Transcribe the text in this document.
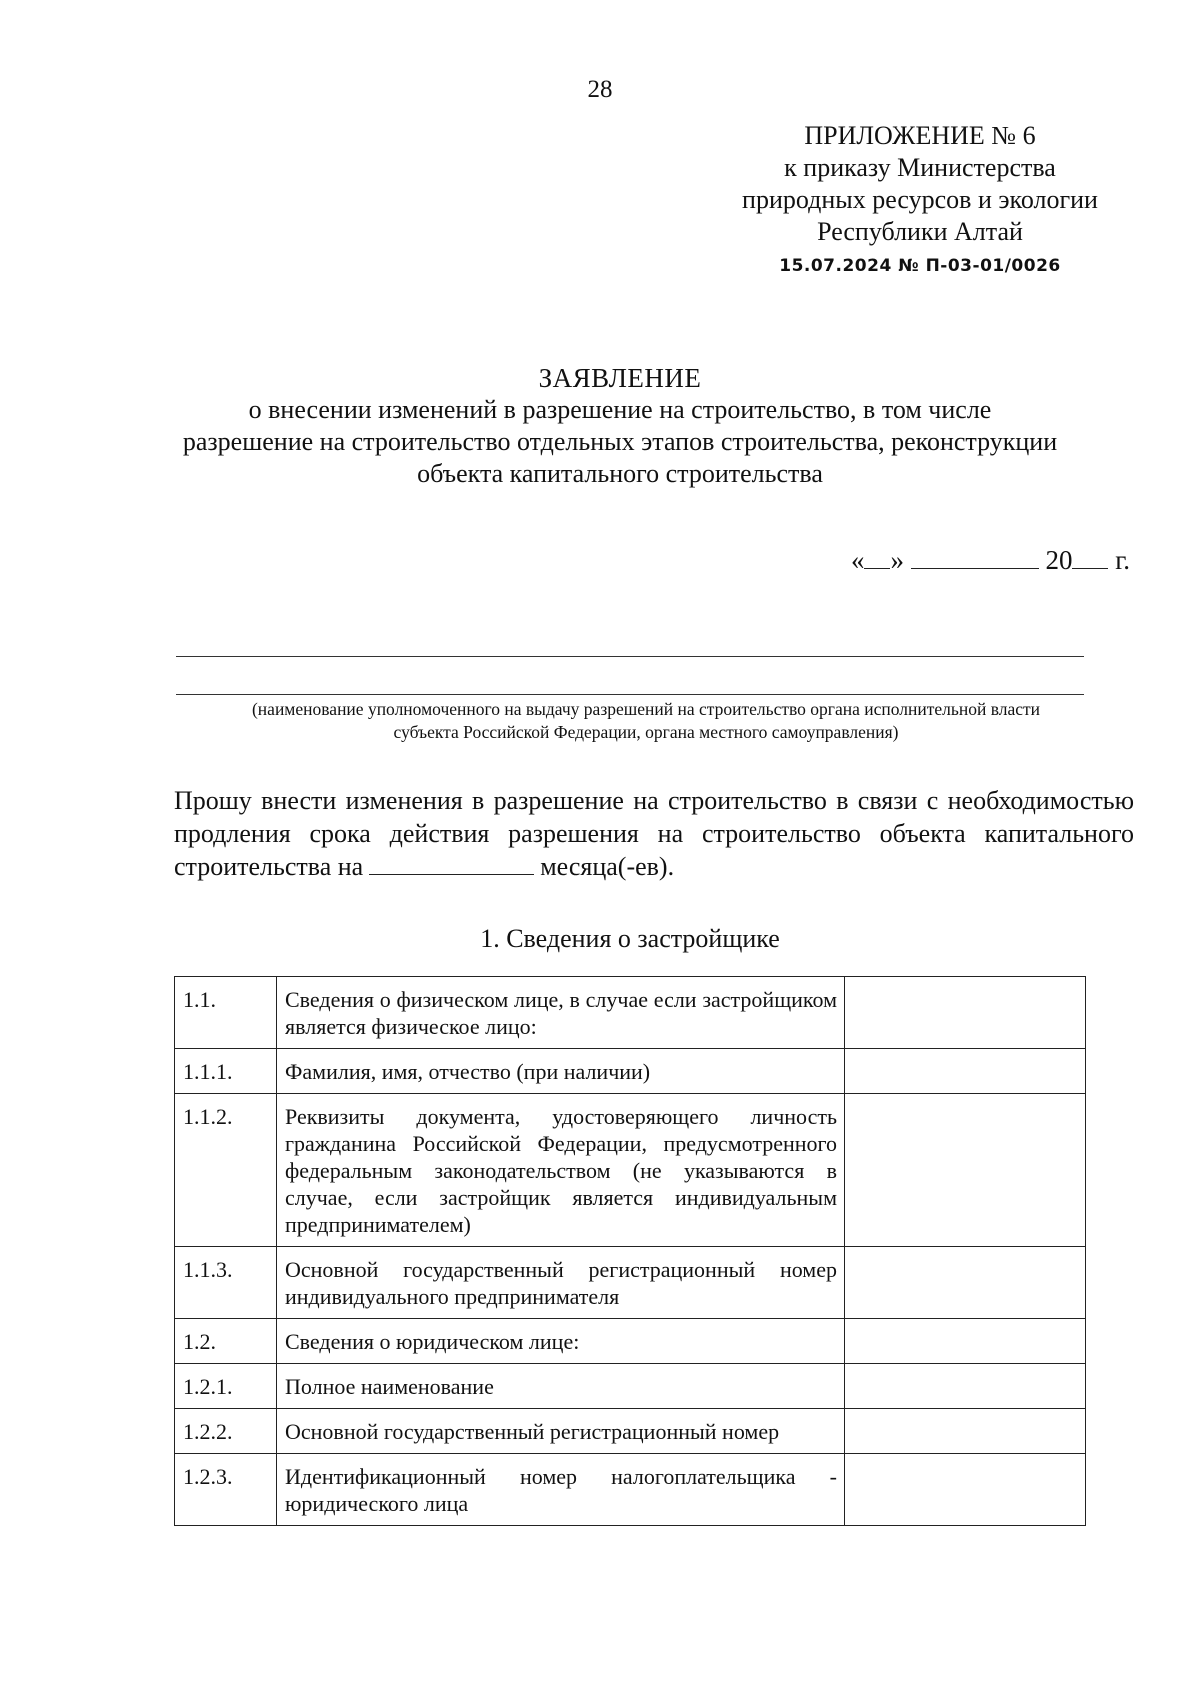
28
ПРИЛОЖЕНИЕ № 6
к приказу Министерства
природных ресурсов и экологии
Республики Алтай
15.07.2024 № П-03-01/0026
ЗАЯВЛЕНИЕ
о внесении изменений в разрешение на строительство, в том числе
разрешение на строительство отдельных этапов строительства, реконструкции
объекта капитального строительства
« »	20 г.
(наименование уполномоченного на выдачу разрешений на строительство органа исполнительной власти
субъекта Российской Федерации, органа местного самоуправления)
Прошу внести изменения в разрешение на строительство в связи с необходимостью продления срока действия разрешения на строительство объекта капитального строительства на	месяца(-ев).
1. Сведения о застройщике
1.1.	Сведения о физическом лице, в случае если застройщиком является физическое лицо:	
1.1.1.	Фамилия, имя, отчество (при наличии)	
1.1.2.	Реквизиты документа, удостоверяющего личность гражданина Российской Федерации, предусмотренного федеральным законодательством (не указываются в случае, если застройщик является индивидуальным предпринимателем)	
1.1.3.	Основной государственный регистрационный номер индивидуального предпринимателя	
1.2.	Сведения о юридическом лице:	
1.2.1.	Полное наименование	
1.2.2.	Основной государственный регистрационный номер	
1.2.3.	Идентификационный номер налогоплательщика - юридического лица	
